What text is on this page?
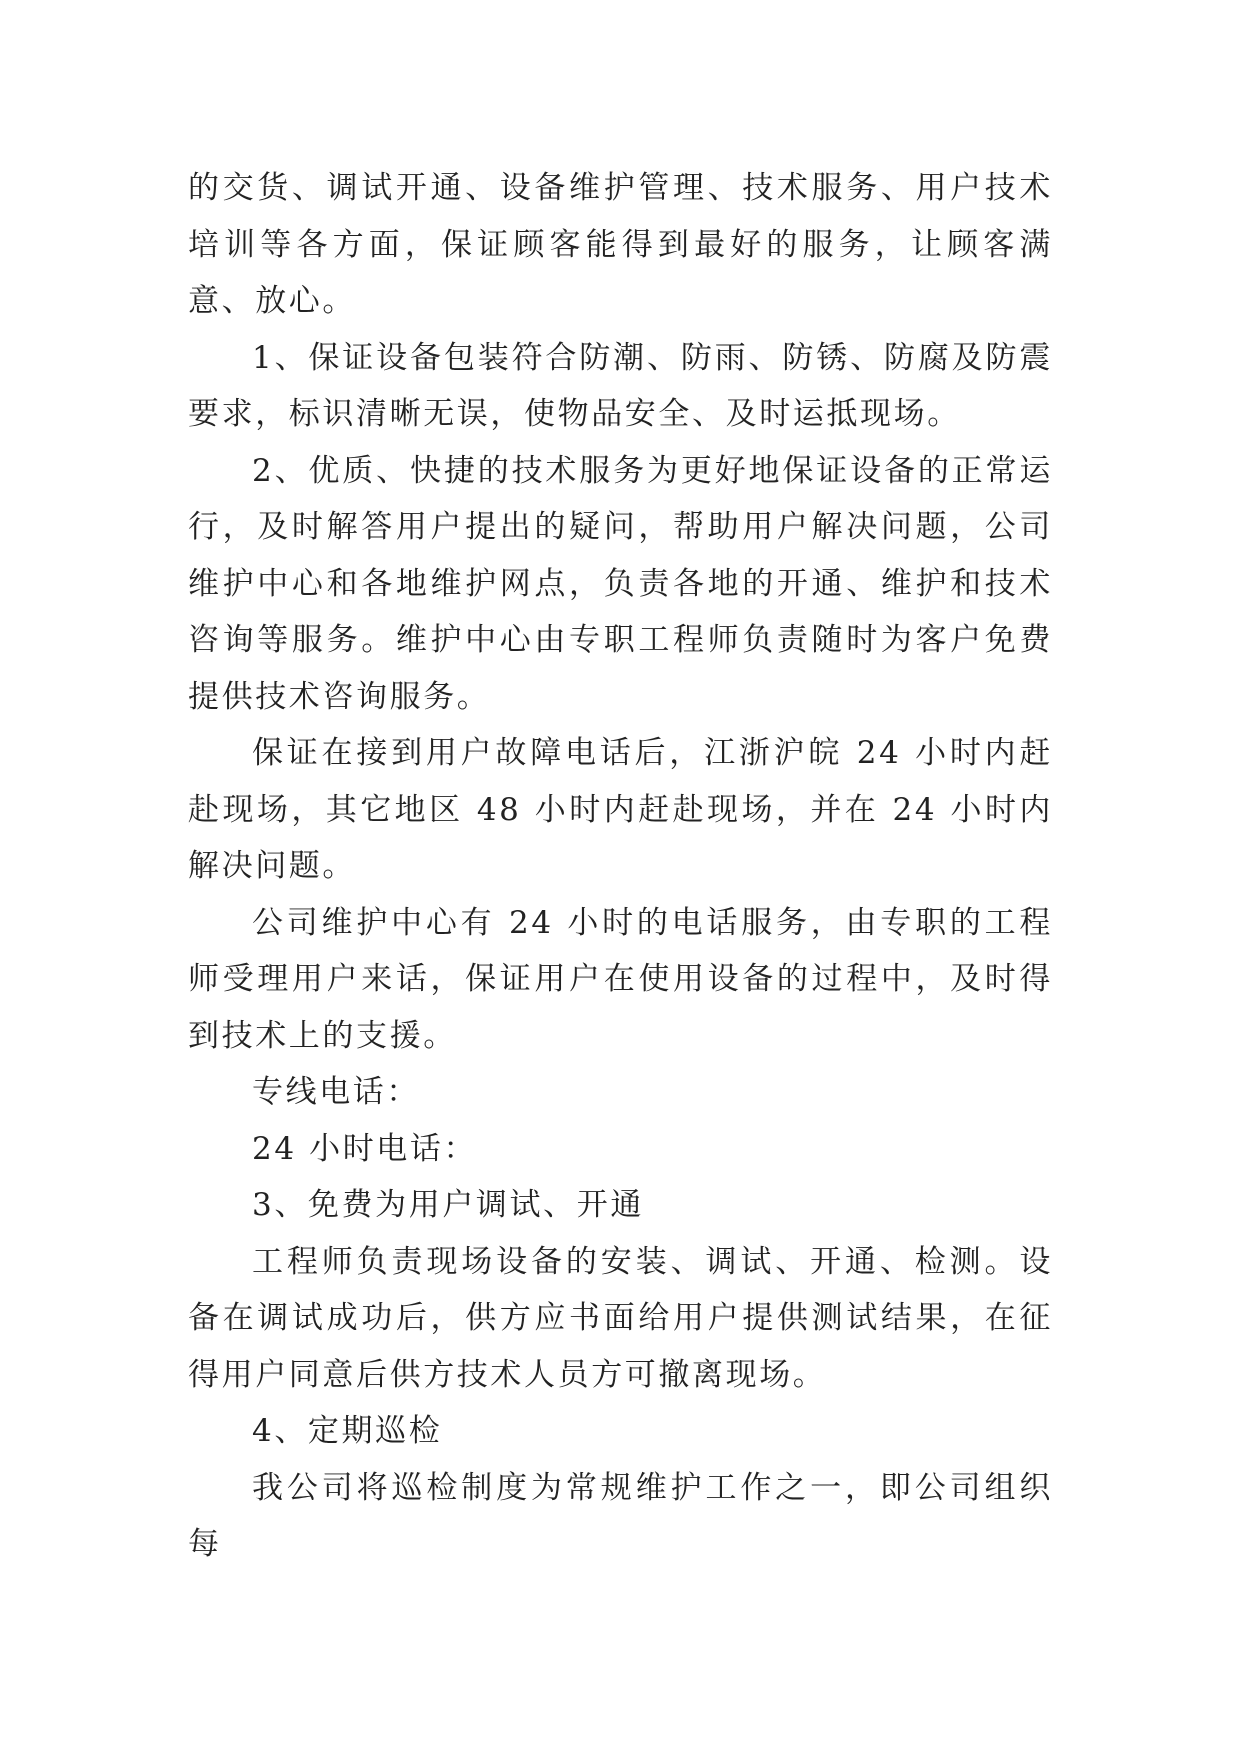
的交货、调试开通、设备维护管理、技术服务、用户技术培训等各方面，保证顾客能得到最好的服务，让顾客满意、放心。

1、保证设备包装符合防潮、防雨、防锈、防腐及防震要求，标识清晰无误，使物品安全、及时运抵现场。

2、优质、快捷的技术服务为更好地保证设备的正常运行，及时解答用户提出的疑问，帮助用户解决问题，公司维护中心和各地维护网点，负责各地的开通、维护和技术咨询等服务。维护中心由专职工程师负责随时为客户免费提供技术咨询服务。

保证在接到用户故障电话后，江浙沪皖 24 小时内赶赴现场，其它地区 48 小时内赶赴现场，并在 24 小时内解决问题。

公司维护中心有 24 小时的电话服务，由专职的工程师受理用户来话，保证用户在使用设备的过程中，及时得到技术上的支援。

专线电话：

24 小时电话：

3、免费为用户调试、开通

工程师负责现场设备的安装、调试、开通、检测。设备在调试成功后，供方应书面给用户提供测试结果，在征得用户同意后供方技术人员方可撤离现场。

4、定期巡检

我公司将巡检制度为常规维护工作之一，即公司组织每
